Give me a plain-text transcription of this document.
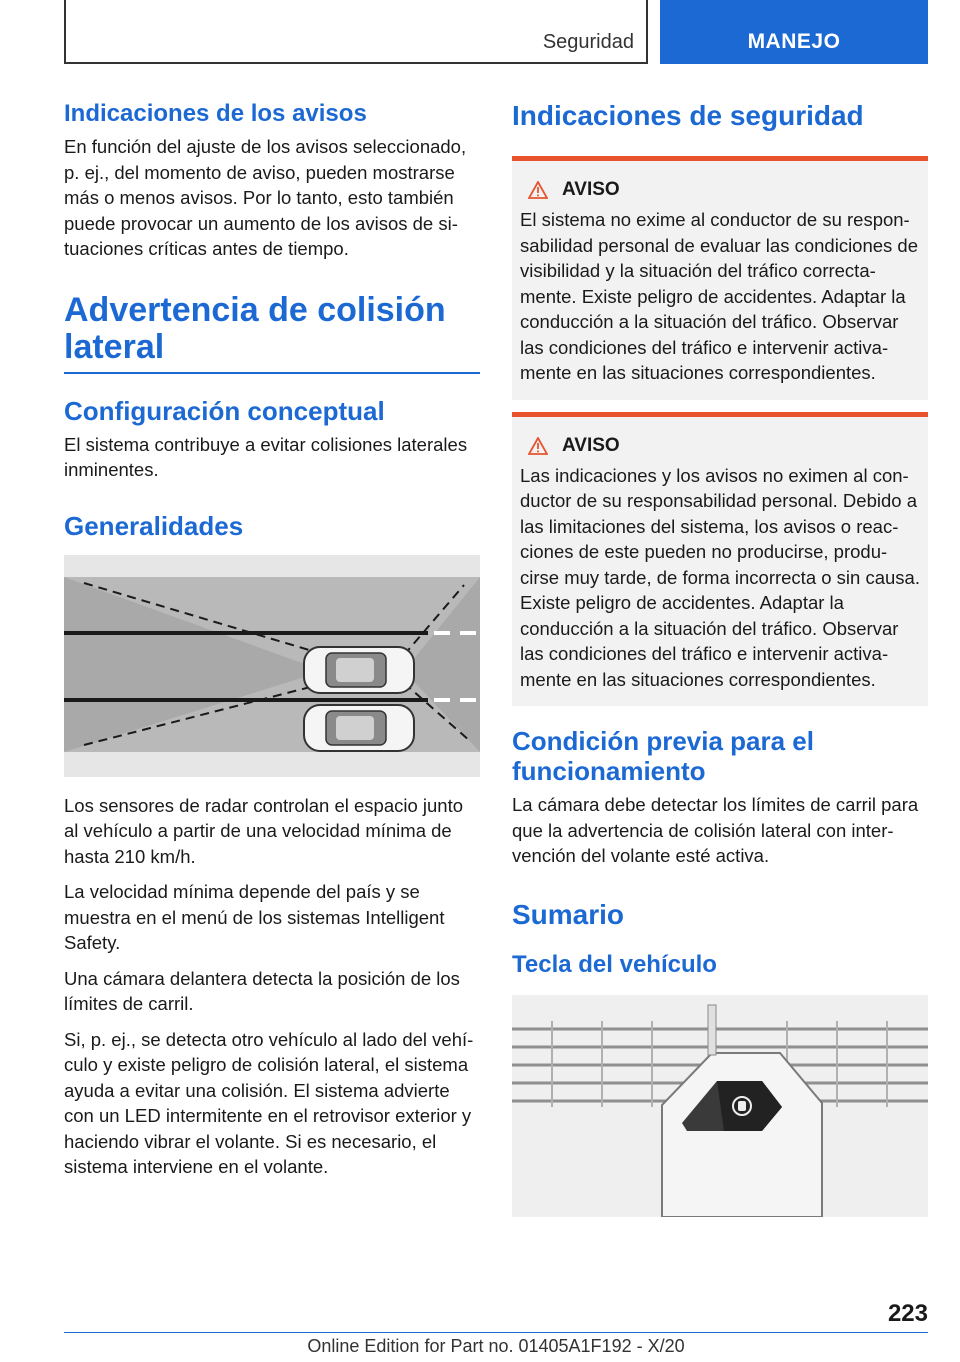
Seguridad	MANEJO
Indicaciones de los avisos
En función del ajuste de los avisos seleccionado, p. ej., del momento de aviso, pueden mostrarse más o menos avisos. Por lo tanto, esto también puede provocar un aumento de los avisos de si- tuaciones críticas antes de tiempo.
Advertencia de colisión
lateral
Configuración conceptual
El sistema contribuye a evitar colisiones laterales inminentes.
Generalidades
Los sensores de radar controlan el espacio junto al vehículo a partir de una velocidad mínima de hasta 210 km/h.
La velocidad mínima depende del país y se muestra en el menú de los sistemas Intelligent Safety.
Una cámara delantera detecta la posición de los límites de carril.
Si, p. ej., se detecta otro vehículo al lado del vehí- culo y existe peligro de colisión lateral, el sistema ayuda a evitar una colisión. El sistema advierte con un LED intermitente en el retrovisor exterior y haciendo vibrar el volante. Si es necesario, el sistema interviene en el volante.
Indicaciones de seguridad
AVISO
El sistema no exime al conductor de su respon- sabilidad personal de evaluar las condiciones de visibilidad y la situación del tráfico correcta- mente. Existe peligro de accidentes. Adaptar la conducción a la situación del tráfico. Observar las condiciones del tráfico e intervenir activa- mente en las situaciones correspondientes.
AVISO
Las indicaciones y los avisos no eximen al con- ductor de su responsabilidad personal. Debido a las limitaciones del sistema, los avisos o reac- ciones de este pueden no producirse, produ- cirse muy tarde, de forma incorrecta o sin causa. Existe peligro de accidentes. Adaptar la conducción a la situación del tráfico. Observar las condiciones del tráfico e intervenir activa- mente en las situaciones correspondientes.
Condición previa para el
funcionamiento
La cámara debe detectar los límites de carril para que la advertencia de colisión lateral con inter- vención del volante esté activa.
Sumario
Tecla del vehículo
223
Online Edition for Part no. 01405A1F192 - X/20
